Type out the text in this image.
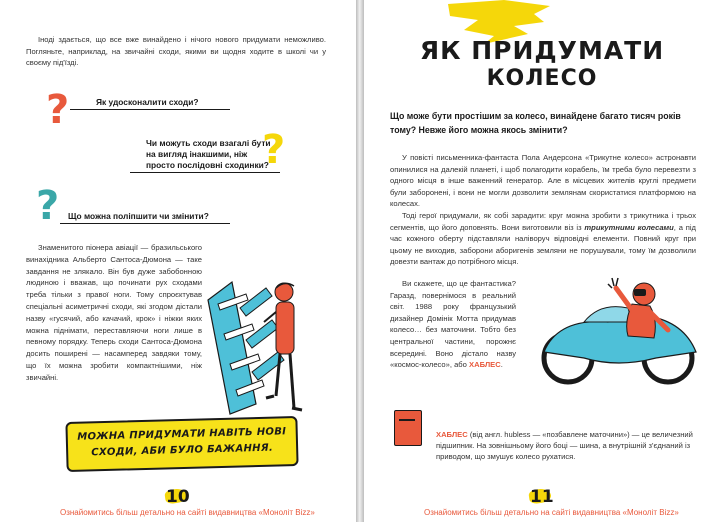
Іноді здається, що все вже винайдено і нічого нового придумати неможливо. Погляньте, наприклад, на звичайні сходи, якими ви щодня ходите в школі чи у своєму під'їзді.

?	Як удосконалити сходи?
?
Чи можуть сходи взагалі бути на вигляд інакшими, ніж просто послідовні сходинки?
? Що можна поліпшити чи змінити?

Знаменитого піонера авіації — бразильського винахідника Альберто Сантоса-Дюмона — таке завдання не злякало. Він був дуже забобонною людиною і вважав, що починати рух сходами треба тільки з правої ноги. Тому спроєктував спеціальні асиметричні сходи, які згодом дістали назву «гусячий, або качачий, крок» і ніжки яких можна піднімати, переставляючи ноги лише в певному порядку. Теперь сходи Сантоса-Дюмона досить поширені — насамперед завдяки тому, що їх можна зробити компактнішими, ніж звичайні.

МОЖНА ПРИДУМАТИ НАВІТЬ НОВІ СХОДИ, АБИ БУЛО БАЖАННЯ.
10
Ознайомитись більш детально на сайті видавництва «Моноліт Bizz»
ЯК ПРИДУМАТИ
КОЛЕСО
Що може бути простішим за колесо, винайдене багато тисяч років тому? Невже його можна якось змінити?

У повісті письменника-фантаста Пола Андерсона «Трикутне колесо» астронавти опинилися на далекій планеті, і щоб полагодити корабель, їм треба було перевезти з одного місця в інше важенний генератор. Але в місцевих жителів круглі предмети були заборонені, і вони не могли дозволити землянам скористатися платформою на колесах.

Тоді герої придумали, як собі зарадити: круг можна зробити з трикутника і трьох сегментів, що його доповнять. Вони виготовили віз із трикутними колесами, а під час кожного оберту підставляли наліворуч відповідні елементи. Повний круг при цьому не виходив, заборони аборигенів земляни не порушували, тому їм дозволили довезти вантаж до потрібного місця.

Ви скажете, що це фантастика? Гаразд, повернімося в реальний світ. 1988 року французький дизайнер Домінік Мотта придумав колесо… без маточини. Тобто без центральної частини, порожнє всередині. Воно дістало назву «космос-колесо», або ХАБЛЕС.

ХАБЛЕС (від англ. hubless — «позбавлене маточини») — це величезний підшипник. На зовнішньому його боці — шина, а внутрішній з'єднаний із приводом, що змушує колесо рухатися.
11
Ознайомитись більш детально на сайті видавництва «Моноліт Bizz»
